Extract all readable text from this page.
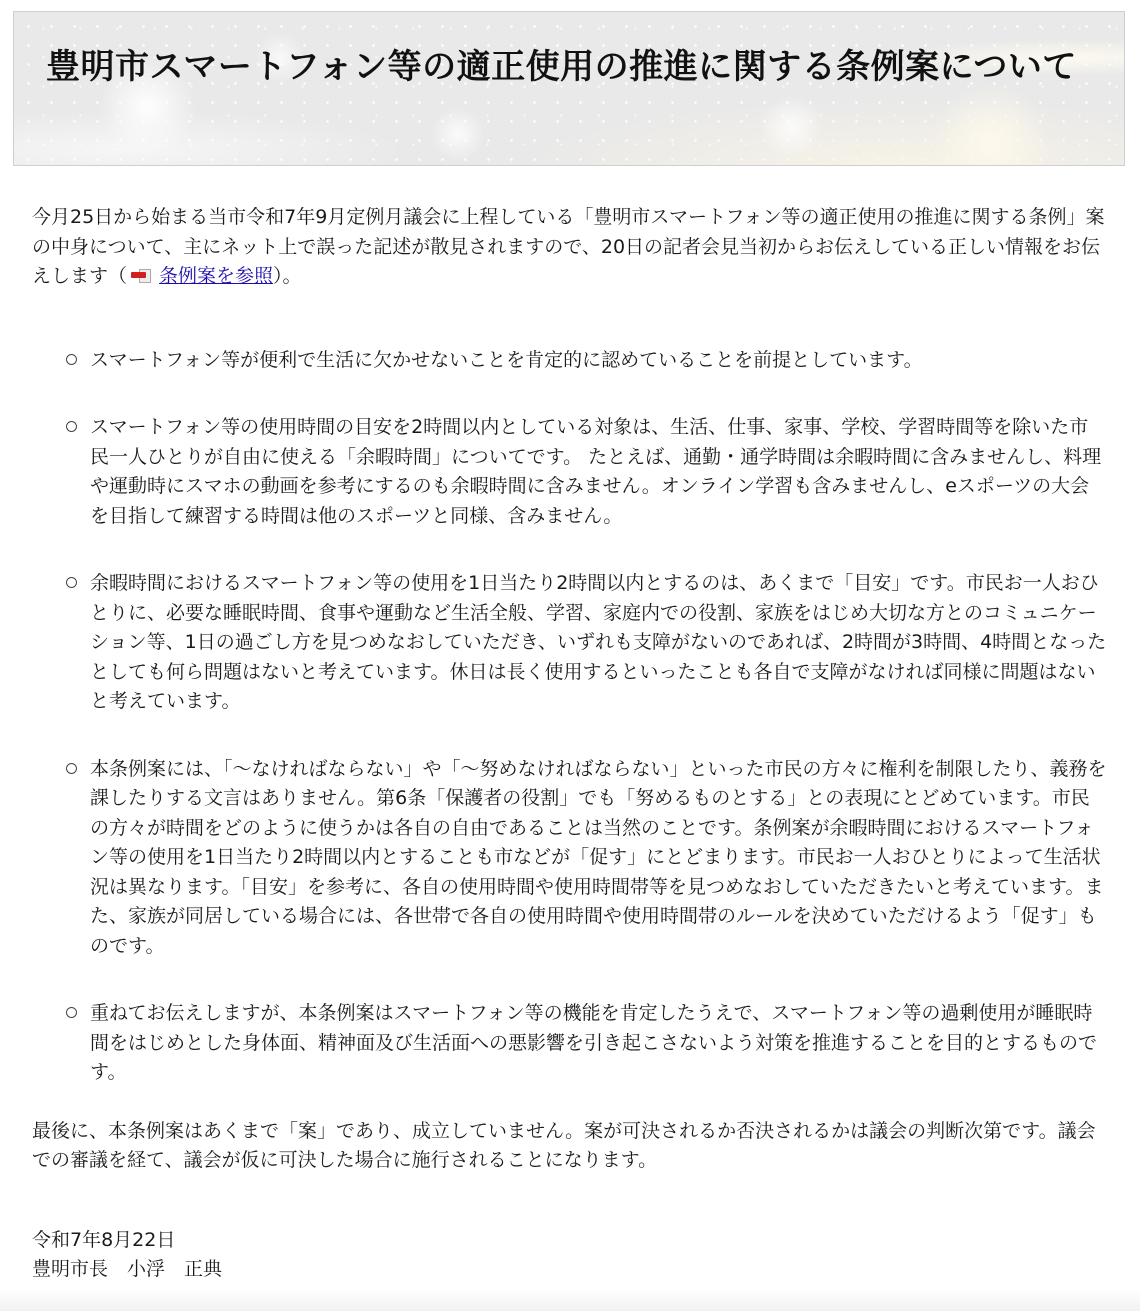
豊明市スマートフォン等の適正使用の推進に関する条例案について

今月25日から始まる当市令和7年9月定例月議会に上程している「豊明市スマートフォン等の適正使用の推進に関する条例」案の中身について、主にネット上で誤った記述が散見されますので、20日の記者会見当初からお伝えしている正しい情報をお伝えします（ 条例案を参照）。

スマートフォン等が便利で生活に欠かせないことを肯定的に認めていることを前提としています。
スマートフォン等の使用時間の目安を2時間以内としている対象は、生活、仕事、家事、学校、学習時間等を除いた市民一人ひとりが自由に使える「余暇時間」についてです。 たとえば、通勤・通学時間は余暇時間に含みませんし、料理や運動時にスマホの動画を参考にするのも余暇時間に含みません。オンライン学習も含みませんし、eスポーツの大会を目指して練習する時間は他のスポーツと同様、含みません。
余暇時間におけるスマートフォン等の使用を1日当たり2時間以内とするのは、あくまで「目安」です。市民お一人おひとりに、必要な睡眠時間、食事や運動など生活全般、学習、家庭内での役割、家族をはじめ大切な方とのコミュニケーション等、1日の過ごし方を見つめなおしていただき、いずれも支障がないのであれば、2時間が3時間、4時間となったとしても何ら問題はないと考えています。休日は長く使用するといったことも各自で支障がなければ同様に問題はないと考えています。
本条例案には、「～なければならない」や「～努めなければならない」といった市民の方々に権利を制限したり、義務を課したりする文言はありません。第6条「保護者の役割」でも「努めるものとする」との表現にとどめています。市民の方々が時間をどのように使うかは各自の自由であることは当然のことです。条例案が余暇時間におけるスマートフォン等の使用を1日当たり2時間以内とすることも市などが「促す」にとどまります。市民お一人おひとりによって生活状況は異なります。「目安」を参考に、各自の使用時間や使用時間帯等を見つめなおしていただきたいと考えています。また、家族が同居している場合には、各世帯で各自の使用時間や使用時間帯のルールを決めていただけるよう「促す」ものです。
重ねてお伝えしますが、本条例案はスマートフォン等の機能を肯定したうえで、スマートフォン等の過剰使用が睡眠時間をはじめとした身体面、精神面及び生活面への悪影響を引き起こさないよう対策を推進することを目的とするものです。

最後に、本条例案はあくまで「案」であり、成立していません。案が可決されるか否決されるかは議会の判断次第です。議会での審議を経て、議会が仮に可決した場合に施行されることになります。

令和7年8月22日

豊明市長　小浮　正典
